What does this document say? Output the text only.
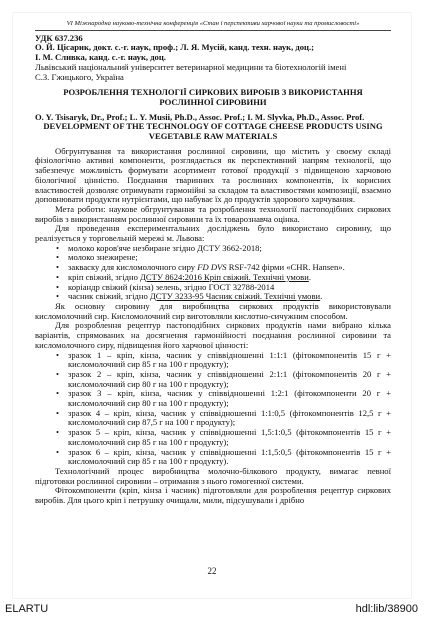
VI Міжнародна науково-технічна конференція «Стан і перспективи харчової науки та промисловості»

УДК 637.236

О. Й. Цісарик, докт. с.-г. наук, проф.; Л. Я. Мусій, канд. техн. наук, доц.;

І. М. Сливка, канд. с.-г. наук, доц.

Львівський національний університет ветеринарної медицини та біотехнологій імені

С.З. Гжицького, Україна

РОЗРОБЛЕННЯ ТЕХНОЛОГІЇ СИРКОВИХ ВИРОБІВ З ВИКОРИСТАННЯ РОСЛИННОЇ СИРОВИНИ

O. Y. Tsisaryk, Dr., Prof.; L. Y. Musii, Ph.D., Assoc. Prof.; I. M. Slyvka, Ph.D., Assoc. Prof.

DEVELOPMENT OF THE TECHNOLOGY OF COTTAGE CHEESE PRODUCTS USING VEGETABLE RAW MATERIALS

Обгрунтування та використання рослинної сировини, що містить у своєму складі фізіологічно активні компоненти, розглядається як перспективний напрям технології, що забезпечує можливість формувати асортимент готової продукції з підвищеною харчовою біологічної цінністю. Поєднання тваринних та рослинних компонентів, їх корисних властивостей дозволяє отримувати гармонійні за складом та властивостями композиції, взаємно доповнювати продукти нутрієнтами, що набуває їх до продуктів здорового харчування.

Мета роботи: наукове обгрунтування та розроблення технології пастоподібних сиркових виробів з використанням рослинної сировини та їх товарознавча оцінка.

Для проведення експериментальних досліджень було використано сировину, що реалізується у торговельній мережі м. Львова:

• молоко коров'яче незбиране згідно ДСТУ 3662-2018;
• молоко знежирене;
• закваску для кисломолочного сиру FD DVS RSF-742 фірми «CHR. Hansen».
• кріп свіжий, згідно ДСТУ 8624:2016 Кріп свіжий. Технічні умови.
• коріандр свіжий (кінза) зелень, згідно ГОСТ 32788-2014
• часник свіжий, згідно ДСТУ 3233-95 Часник свіжий. Технічні умови.

Як основну сировину для виробництва сиркових продуктів використовували кисломолочний сир. Кисломолочний сир виготовляли кислотно-сичужним способом.

Для розроблення рецептур пастоподібних сиркових продуктів нами вибрано кілька варіантів, спрямованих на досягнення гармонійності поєднання рослинної сировини та кисломолочного сиру, підвищення його харчової цінності:

• зразок 1 – кріп, кінза, часник у співвідношенні 1:1:1 (фітокомпонентів 15 г + кисломолочний сир 85 г на 100 г продукту);
• зразок 2 – кріп, кінза, часник у співвідношенні 2:1:1 (фітокомпонентів 20 г + кисломолочний сир 80 г на 100 г продукту);
• зразок 3 – кріп, кінза, часник у співвідношенні 1:2:1 (фітокомпоненти 20 г + кисломолочний сир 80 г на 100 г продукту);
• зразок 4 – кріп, кінза, часник у співвідношенні 1:1:0,5 (фітокомпонентів 12,5 г + кисломолочний сир 87,5 г на 100 г продукту);
• зразок 5 – кріп, кінза, часник у співвідношенні 1,5:1:0,5 (фітокомпонентів 15 г + кисломолочний сир 85 г на 100 г продукту);
• зразок 6 – кріп, кінза, часник у співвідношенні 1:1,5:0,5 (фітокомпонентів 15 г + кисломолочний сир 85 г на 100 г продукту).

Технологічний процес виробництва молочно-білкового продукту, вимагає певної підготовки рослинної сировини – отримання з нього гомогенної системи.

Фітокомпоненти (кріп, кінза і часник) підготовляли для розроблення рецептур сиркових виробів. Для цього кріп і петрушку очищали, мили, підсушували і дрібно

22
ELARTU	hdl:lib/38900
